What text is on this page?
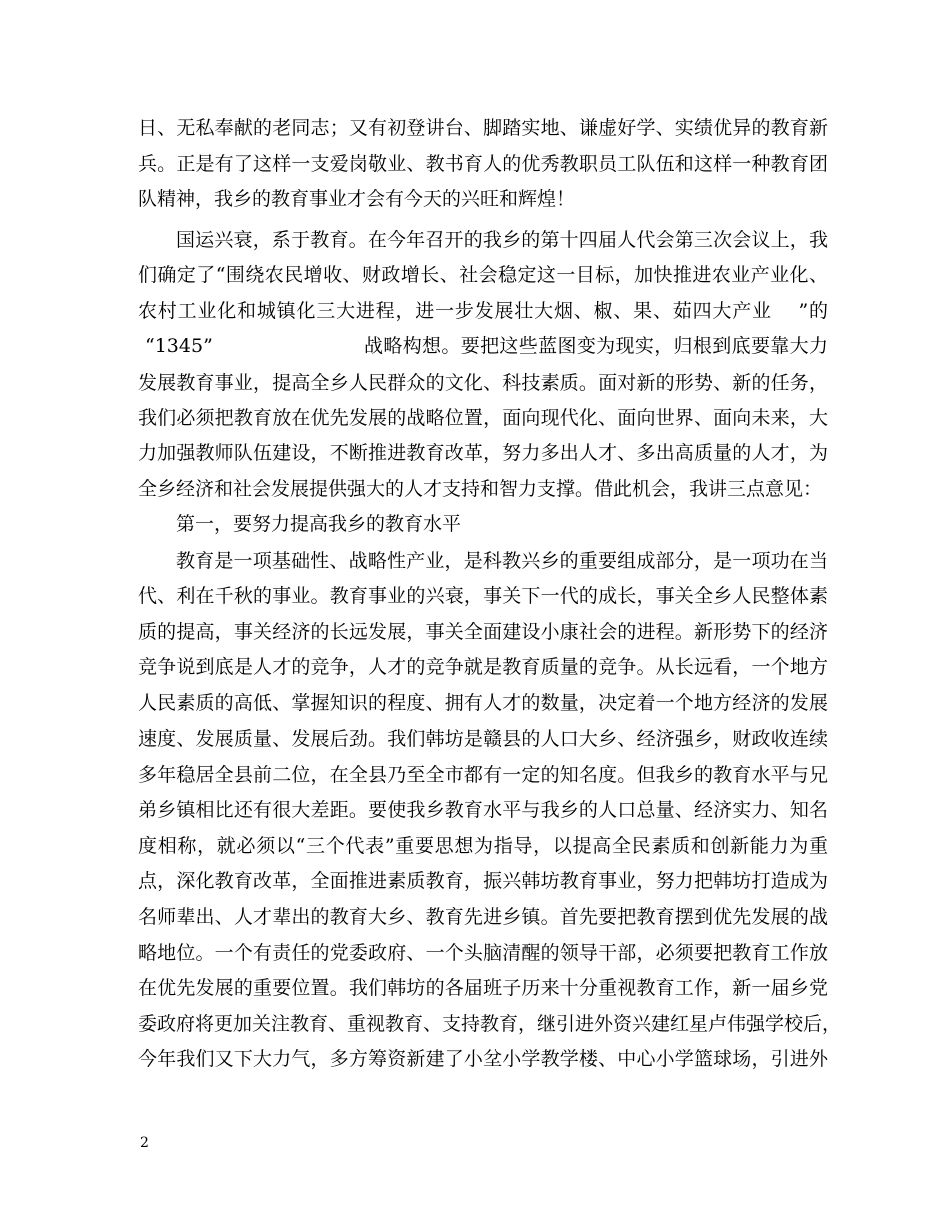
日、无私奉献的老同志；又有初登讲台、脚踏实地、谦虚好学、实绩优异的教育新
兵。正是有了这样一支爱岗敬业、教书育人的优秀教职员工队伍和这样一种教育团
队精神，我乡的教育事业才会有今天的兴旺和辉煌！
国运兴衰，系于教育。在今年召开的我乡的第十四届人代会第三次会议上，我
们确定了“围绕农民增收、财政增长、社会稳定这一目标，加快推进农业产业化、
农村工业化和城镇化三大进程，进一步发展壮大烟、椒、果、茹四大产业　 ”的
“1345”	战略构想。要把这些蓝图变为现实，归根到底要靠大力
发展教育事业，提高全乡人民群众的文化、科技素质。面对新的形势、新的任务，
我们必须把教育放在优先发展的战略位置，面向现代化、面向世界、面向未来，大
力加强教师队伍建设，不断推进教育改革，努力多出人才、多出高质量的人才，为
全乡经济和社会发展提供强大的人才支持和智力支撑。借此机会，我讲三点意见：
第一，要努力提高我乡的教育水平
教育是一项基础性、战略性产业，是科教兴乡的重要组成部分，是一项功在当
代、利在千秋的事业。教育事业的兴衰，事关下一代的成长，事关全乡人民整体素
质的提高，事关经济的长远发展，事关全面建设小康社会的进程。新形势下的经济
竞争说到底是人才的竞争，人才的竞争就是教育质量的竞争。从长远看，一个地方
人民素质的高低、掌握知识的程度、拥有人才的数量，决定着一个地方经济的发展
速度、发展质量、发展后劲。我们韩坊是赣县的人口大乡、经济强乡，财政收连续
多年稳居全县前二位，在全县乃至全市都有一定的知名度。但我乡的教育水平与兄
弟乡镇相比还有很大差距。要使我乡教育水平与我乡的人口总量、经济实力、知名
度相称，就必须以“三个代表”重要思想为指导，以提高全民素质和创新能力为重
点，深化教育改革，全面推进素质教育，振兴韩坊教育事业，努力把韩坊打造成为
名师辈出、人才辈出的教育大乡、教育先进乡镇。首先要把教育摆到优先发展的战
略地位。一个有责任的党委政府、一个头脑清醒的领导干部，必须要把教育工作放
在优先发展的重要位置。我们韩坊的各届班子历来十分重视教育工作，新一届乡党
委政府将更加关注教育、重视教育、支持教育，继引进外资兴建红星卢伟强学校后，
今年我们又下大力气，多方筹资新建了小坌小学教学楼、中心小学篮球场，引进外
2
